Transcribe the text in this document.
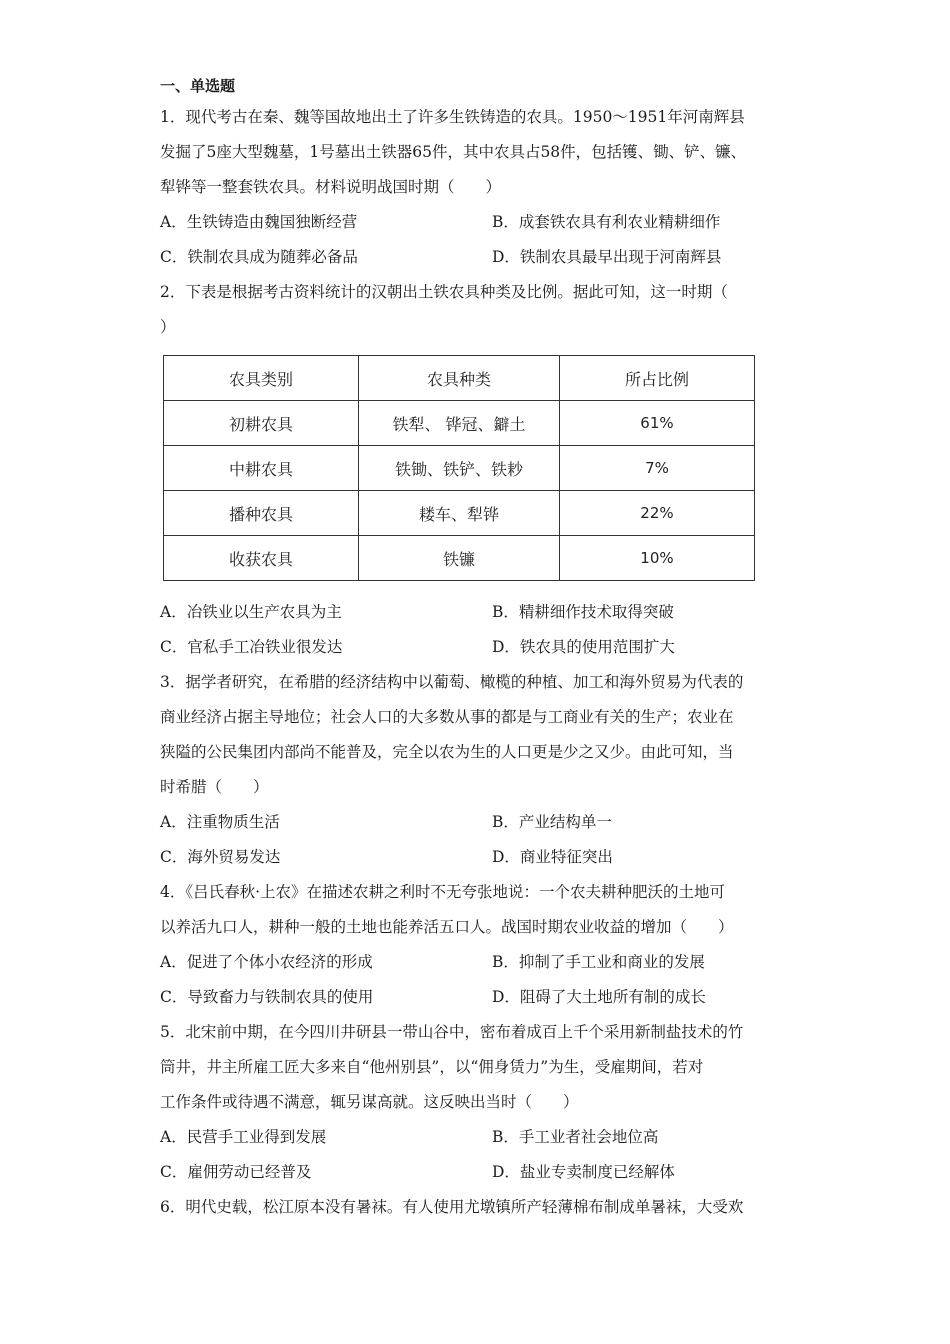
一、单选题
1．现代考古在秦、魏等国故地出土了许多生铁铸造的农具。1950～1951年河南辉县
发掘了5座大型魏墓，1号墓出土铁器65件，其中农具占58件，包括镬、锄、铲、镰、
犁铧等一整套铁农具。材料说明战国时期（　　）
A．生铁铸造由魏国独断经营	B．成套铁农具有利农业精耕细作
C．铁制农具成为随葬必备品	D．铁制农具最早出现于河南辉县
2．下表是根据考古资料统计的汉朝出土铁农具种类及比例。据此可知，这一时期（
）
农具类别	农具种类	所占比例
初耕农具	铁犁、 铧冠、鐴土	61%
中耕农具	铁锄、铁铲、铁耖	7%
播种农具	耧车、犁铧	22%
收获农具	铁镰	10%
A．冶铁业以生产农具为主	B．精耕细作技术取得突破
C．官私手工冶铁业很发达	D．铁农具的使用范围扩大
3．据学者研究，在希腊的经济结构中以葡萄、橄榄的种植、加工和海外贸易为代表的
商业经济占据主导地位；社会人口的大多数从事的都是与工商业有关的生产；农业在
狭隘的公民集团内部尚不能普及，完全以农为生的人口更是少之又少。由此可知，当
时希腊（　　）
A．注重物质生活	B．产业结构单一
C．海外贸易发达	D．商业特征突出
4．《吕氏春秋·上农》在描述农耕之利时不无夸张地说：一个农夫耕种肥沃的土地可
以养活九口人，耕种一般的土地也能养活五口人。战国时期农业收益的增加（　　）
A．促进了个体小农经济的形成	B．抑制了手工业和商业的发展
C．导致畜力与铁制农具的使用	D．阻碍了大土地所有制的成长
5．北宋前中期，在今四川井研县一带山谷中，密布着成百上千个采用新制盐技术的竹
筒井，井主所雇工匠大多来自“他州别县”，以“佣身赁力”为生，受雇期间，若对
工作条件或待遇不满意，辄另谋高就。这反映出当时（　　）
A．民营手工业得到发展	B．手工业者社会地位高
C．雇佣劳动已经普及	D．盐业专卖制度已经解体
6．明代史载，松江原本没有暑袜。有人使用尤墩镇所产轻薄棉布制成单暑袜，大受欢
